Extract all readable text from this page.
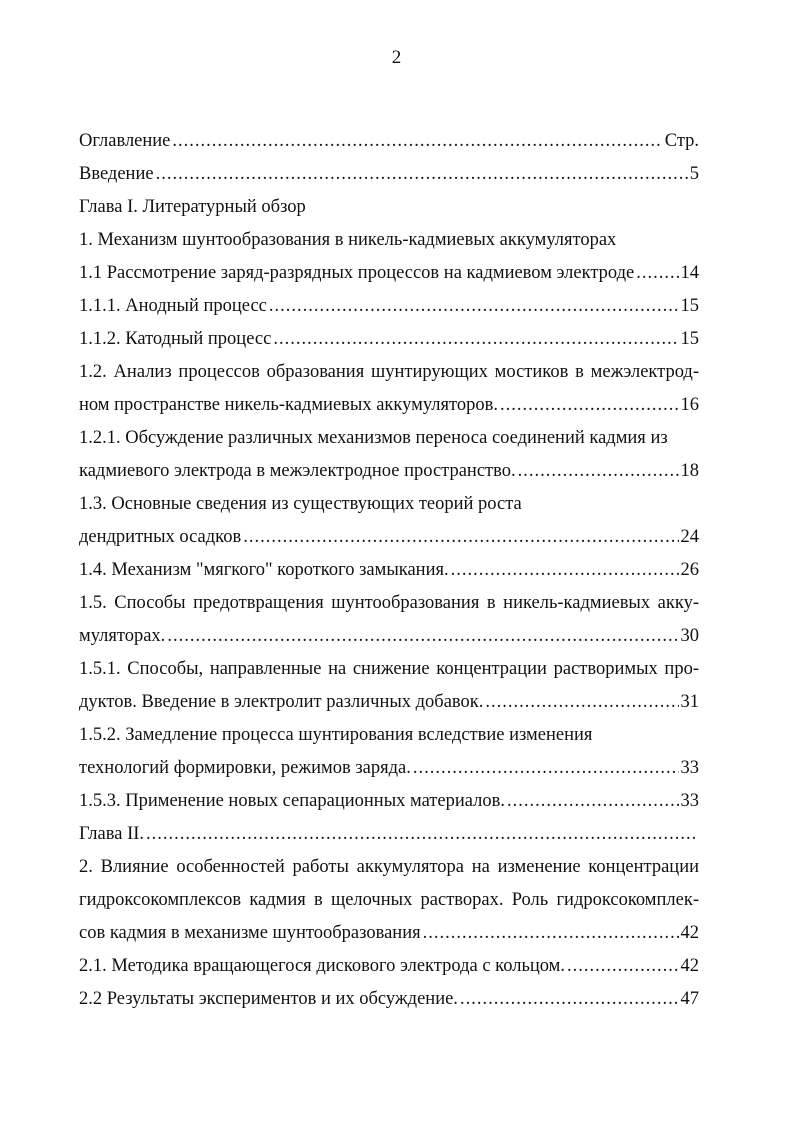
2
Оглавление .....	Стр.
Введение .....	5
Глава I. Литературный обзор
1. Механизм шунтообразования в никель-кадмиевых аккумуляторах
1.1 Рассмотрение заряд-разрядных процессов на кадмиевом электроде .....	14
1.1.1. Анодный процесс .....	15
1.1.2. Катодный процесс .....	15
1.2. Анализ процессов образования шунтирующих мостиков в межэлектрод-
ном пространстве никель-кадмиевых аккумуляторов. .....	16
1.2.1. Обсуждение различных механизмов переноса соединений кадмия из
кадмиевого электрода в межэлектродное пространство. .....	18
1.3. Основные сведения из существующих теорий роста
дендритных осадков .....	24
1.4. Механизм "мягкого" короткого замыкания. .....	26
1.5. Способы предотвращения шунтообразования в никель-кадмиевых акку-
муляторах. .....	30
1.5.1. Способы, направленные на снижение концентрации растворимых про-
дуктов. Введение в электролит различных добавок. .....	31
1.5.2. Замедление процесса шунтирования вследствие изменения
технологий формировки, режимов заряда. .....	33
1.5.3. Применение новых сепарационных материалов. .....	33
Глава II.
.....
2. Влияние особенностей работы аккумулятора на изменение концентрации
гидроксокомплексов кадмия в щелочных растворах. Роль гидроксокомплек-
сов кадмия в механизме шунтообразования .....	42
2.1. Методика вращающегося дискового электрода с кольцом. .....	42
2.2 Результаты экспериментов и их обсуждение. .....	47
